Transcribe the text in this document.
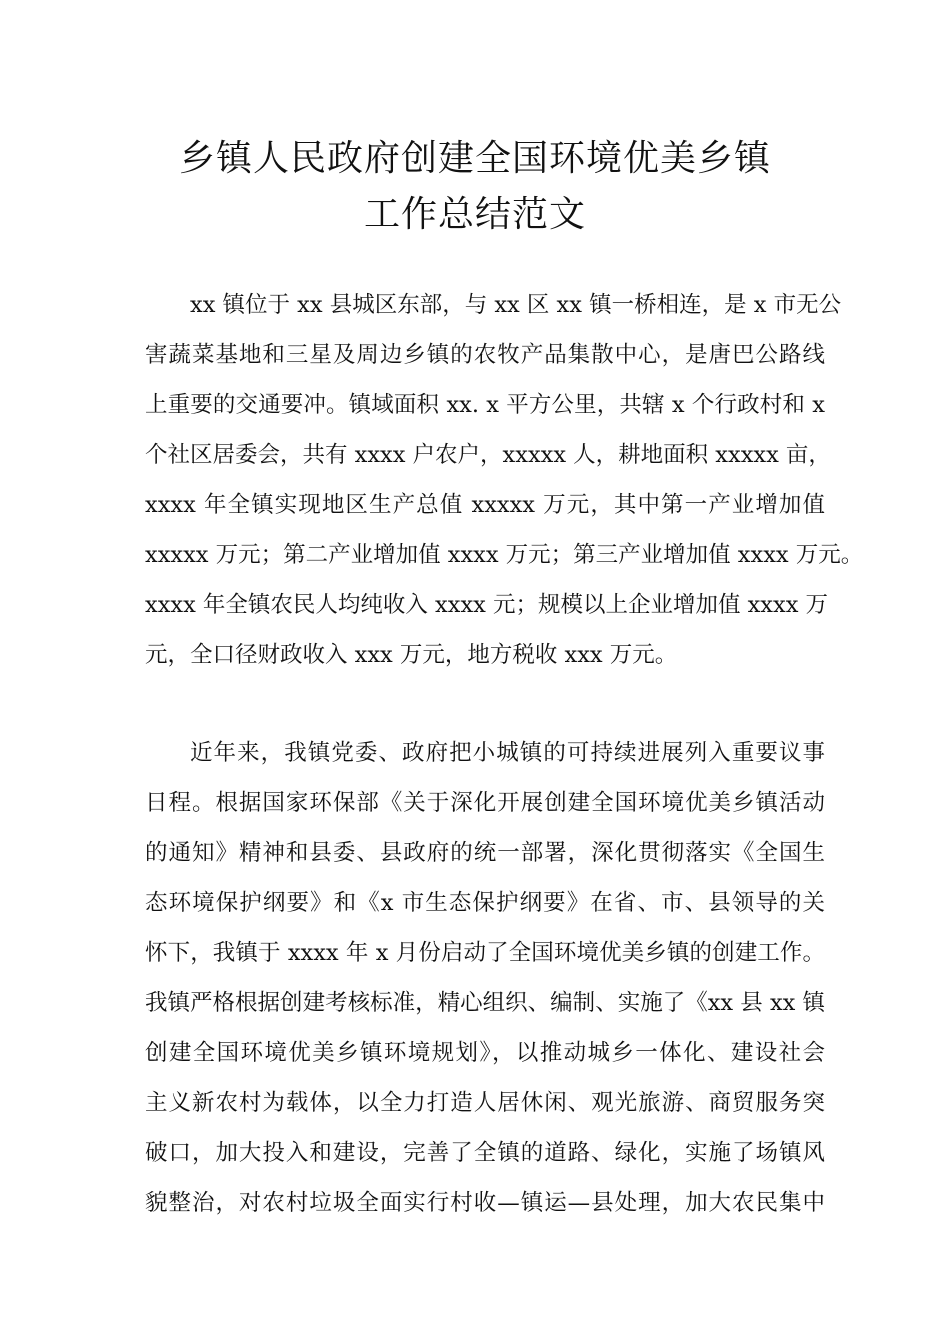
乡镇人民政府创建全国环境优美乡镇
工作总结范文
xx 镇位于 xx 县城区东部，与 xx 区 xx 镇一桥相连，是 x 市无公
害蔬菜基地和三星及周边乡镇的农牧产品集散中心，是唐巴公路线
上重要的交通要冲。镇域面积 xx. x 平方公里，共辖 x 个行政村和 x
个社区居委会，共有 xxxx 户农户，xxxxx 人，耕地面积 xxxxx 亩，
xxxx 年全镇实现地区生产总值 xxxxx 万元，其中第一产业增加值
xxxxx 万元；第二产业增加值 xxxx 万元；第三产业增加值 xxxx 万元。
xxxx 年全镇农民人均纯收入 xxxx 元；规模以上企业增加值 xxxx 万
元，全口径财政收入 xxx 万元，地方税收 xxx 万元。
近年来，我镇党委、政府把小城镇的可持续进展列入重要议事
日程。根据国家环保部《关于深化开展创建全国环境优美乡镇活动
的通知》精神和县委、县政府的统一部署，深化贯彻落实《全国生
态环境保护纲要》和《x 市生态保护纲要》在省、市、县领导的关
怀下，我镇于 xxxx 年 x 月份启动了全国环境优美乡镇的创建工作。
我镇严格根据创建考核标准，精心组织、编制、实施了《xx 县 xx 镇
创建全国环境优美乡镇环境规划》，以推动城乡一体化、建设社会
主义新农村为载体，以全力打造人居休闲、观光旅游、商贸服务突
破口，加大投入和建设，完善了全镇的道路、绿化，实施了场镇风
貌整治，对农村垃圾全面实行村收—镇运—县处理，加大农民集中
